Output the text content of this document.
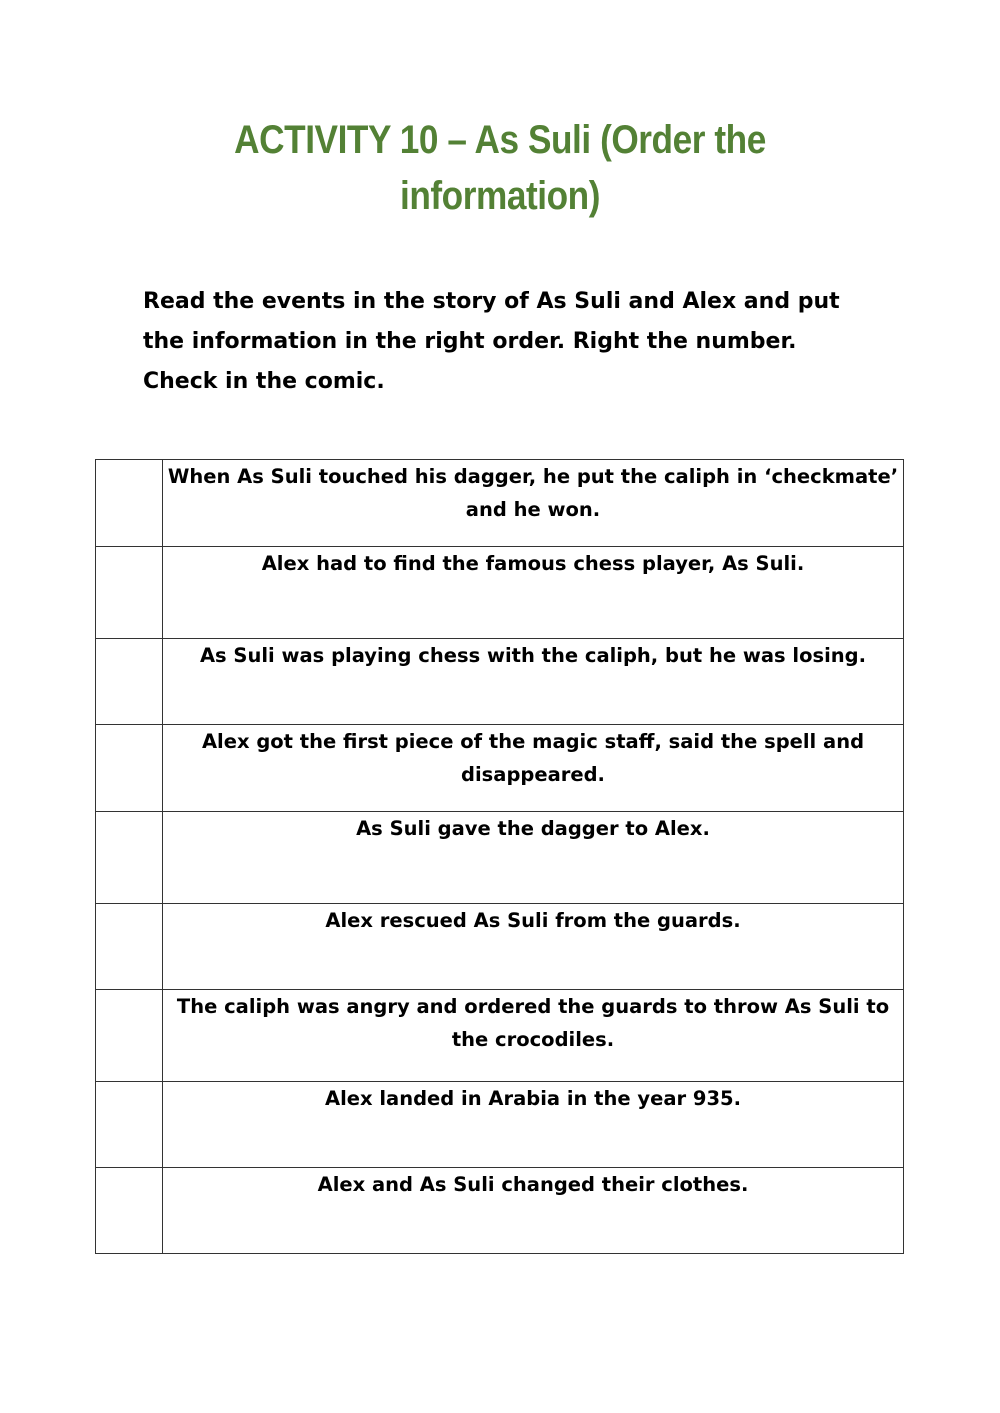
ACTIVITY 10 – As Suli (Order the
information)

Read the events in the story of As Suli and Alex and put
the information in the right order. Right the number.
Check in the comic.

	When As Suli touched his dagger, he put the caliph in ‘checkmate’ and he won.
	Alex had to find the famous chess player, As Suli.
	As Suli was playing chess with the caliph, but he was losing.
	Alex got the first piece of the magic staff, said the spell and disappeared.
	As Suli gave the dagger to Alex.
	Alex rescued As Suli from the guards.
	The caliph was angry and ordered the guards to throw As Suli to the crocodiles.
	Alex landed in Arabia in the year 935.
	Alex and As Suli changed their clothes.
